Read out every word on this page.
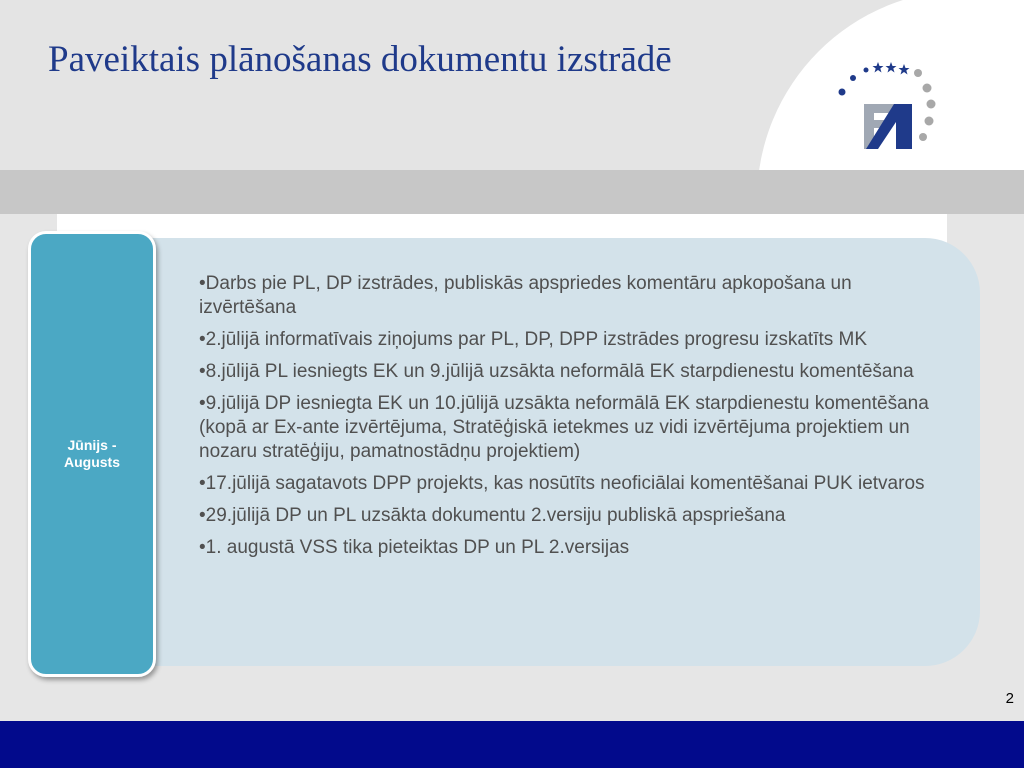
Paveiktais plānošanas dokumentu izstrādē
Jūnijs -
Augusts
•Darbs pie PL, DP izstrādes, publiskās apspriedes komentāru apkopošana un izvērtēšana
•2.jūlijā informatīvais ziņojums par PL, DP, DPP izstrādes progresu izskatīts MK
•8.jūlijā PL iesniegts EK un 9.jūlijā uzsākta neformālā EK starpdienestu komentēšana
•9.jūlijā DP iesniegta EK un 10.jūlijā uzsākta neformālā EK starpdienestu komentēšana (kopā ar Ex-ante izvērtējuma, Stratēģiskā ietekmes uz vidi izvērtējuma projektiem un nozaru stratēģiju, pamatnostādņu projektiem)
•17.jūlijā sagatavots DPP projekts, kas nosūtīts neoficiālai komentēšanai PUK ietvaros
•29.jūlijā DP un PL uzsākta dokumentu 2.versiju publiskā apspriešana
•1. augustā VSS tika pieteiktas DP un PL 2.versijas
2
